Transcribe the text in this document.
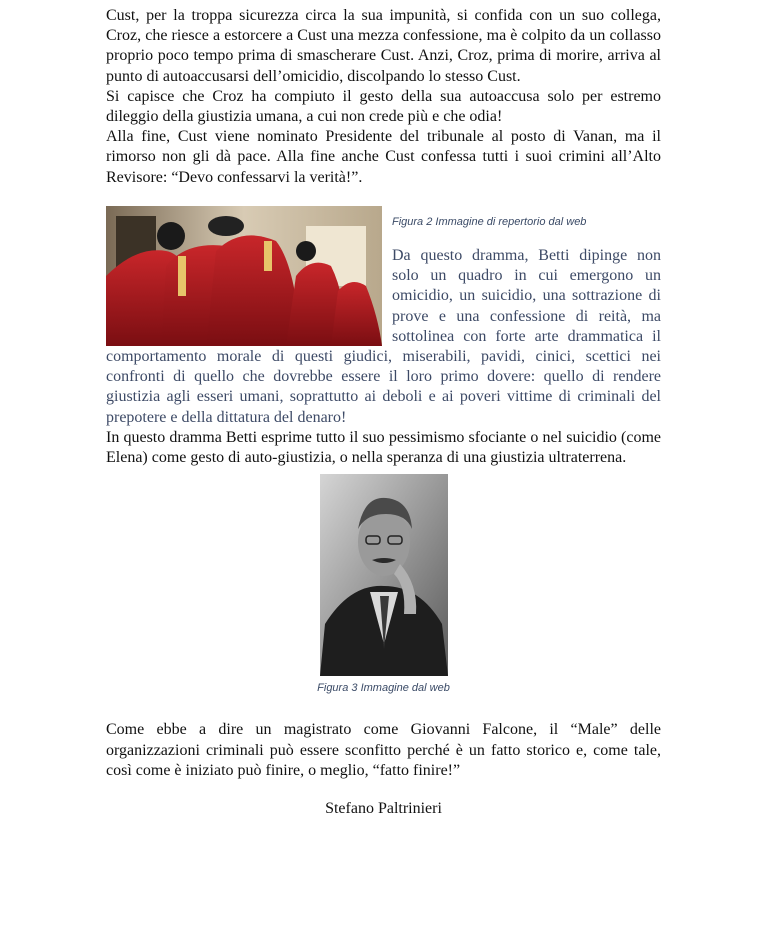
Cust, per la troppa sicurezza circa la sua impunità, si confida con un suo collega, Croz, che riesce a estorcere a Cust una mezza confessione, ma è colpito da un collasso proprio poco tempo prima di smascherare Cust. Anzi, Croz, prima di morire, arriva al punto di autoaccusarsi dell’omicidio, discolpando lo stesso Cust.

Si capisce che Croz ha compiuto il gesto della sua autoaccusa solo per estremo dileggio della giustizia umana, a cui non crede più e che odia!

Alla fine, Cust viene nominato Presidente del tribunale al posto di Vanan, ma il rimorso non gli dà pace. Alla fine anche Cust confessa tutti i suoi crimini all’Alto Revisore: “Devo confessarvi la verità!”.

Figura 2 Immagine di repertorio dal web

Da questo dramma, Betti dipinge non solo un quadro in cui emergono un omicidio, un suicidio, una sottrazione di prove e una confessione di reità, ma sottolinea con forte arte drammatica il comportamento morale di questi giudici, miserabili, pavidi, cinici, scettici nei confronti di quello che dovrebbe essere il loro primo dovere: quello di rendere giustizia agli esseri umani, soprattutto ai deboli e ai poveri vittime di criminali del prepotere e della dittatura del denaro!

In questo dramma Betti esprime tutto il suo pessimismo sfociante o nel suicidio (come Elena) come gesto di auto-giustizia, o nella speranza di una giustizia ultraterrena.

Figura 3 Immagine dal web

Come ebbe a dire un magistrato come Giovanni Falcone, il “Male” delle organizzazioni criminali può essere sconfitto perché è un fatto storico e, come tale, così come è iniziato può finire, o meglio, “fatto finire!”

Stefano Paltrinieri
